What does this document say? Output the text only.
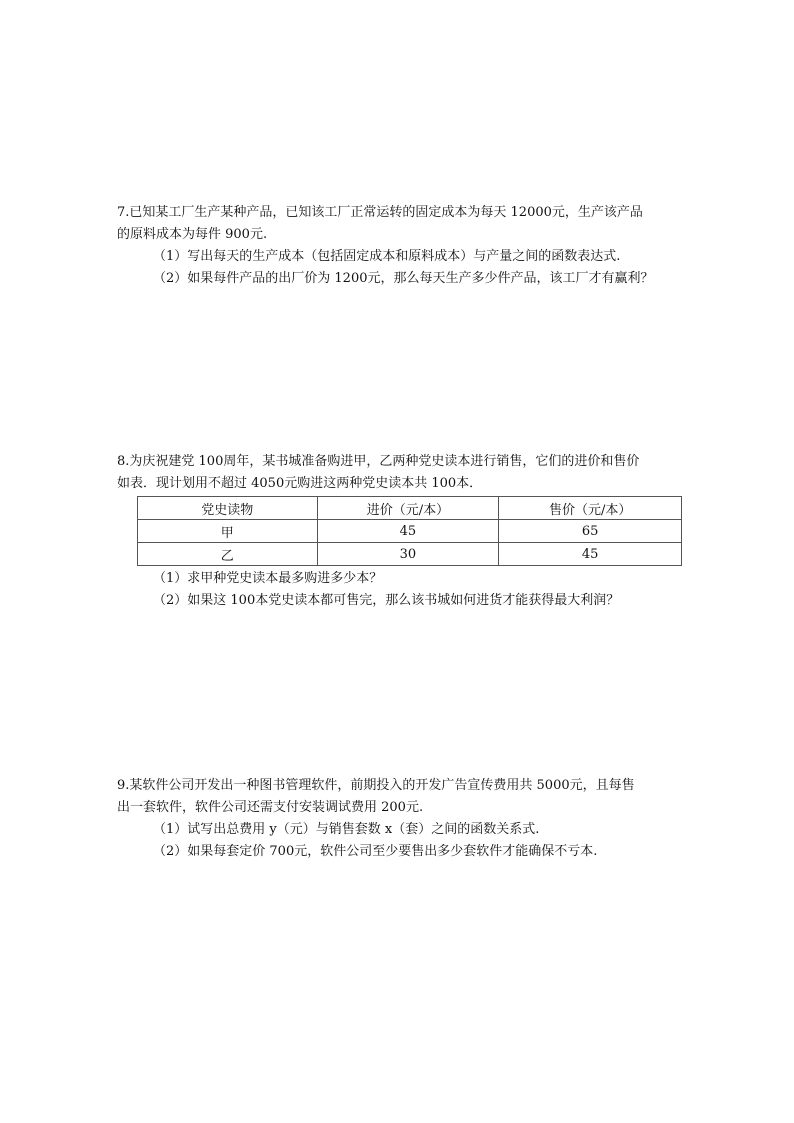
7.已知某工厂生产某种产品，已知该工厂正常运转的固定成本为每天 12000元，生产该产品
的原料成本为每件 900元.
（1）写出每天的生产成本（包括固定成本和原料成本）与产量之间的函数表达式.
（2）如果每件产品的出厂价为 1200元，那么每天生产多少件产品，该工厂才有赢利？
8.为庆祝建党 100周年，某书城准备购进甲，乙两种党史读本进行销售，它们的进价和售价
如表．现计划用不超过 4050元购进这两种党史读本共 100本．
党史读物	进价（元/本）	售价（元/本）
甲	45	65
乙	30	45
（1）求甲种党史读本最多购进多少本？
（2）如果这 100本党史读本都可售完，那么该书城如何进货才能获得最大利润？
9.某软件公司开发出一种图书管理软件，前期投入的开发广告宣传费用共 5000元，且每售
出一套软件，软件公司还需支付安装调试费用 200元.
（1）试写出总费用 y（元）与销售套数 x（套）之间的函数关系式.
（2）如果每套定价 700元，软件公司至少要售出多少套软件才能确保不亏本.
